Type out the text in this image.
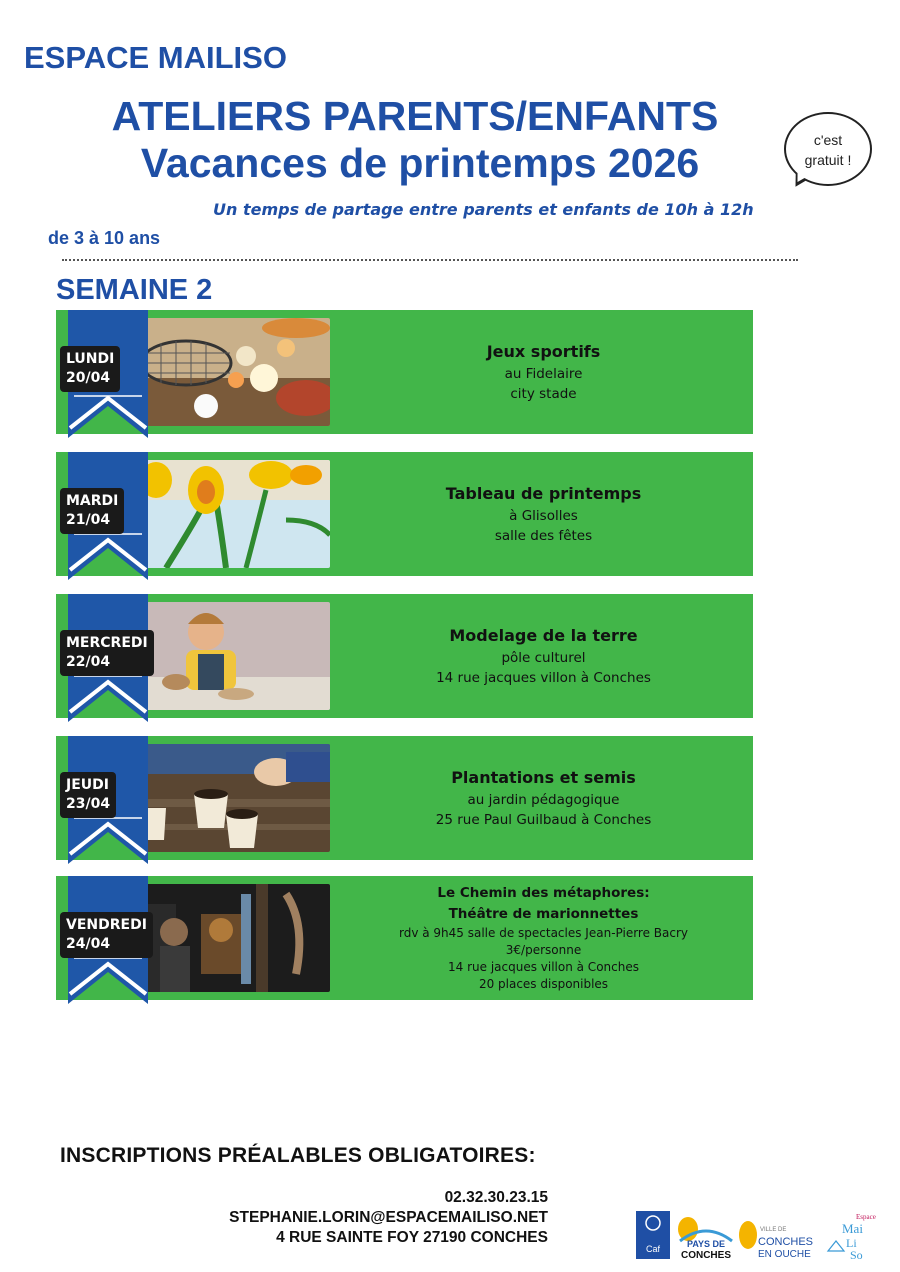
ESPACE MAILISO
ATELIERS PARENTS/ENFANTS
Vacances de printemps 2026	c'est
gratuit !
Un temps de partage entre parents et enfants de 10h à 12h
de 3 à 10 ans
SEMAINE 2
Jeux sportifs
au Fidelaire
city stade
LUNDI
20/04
Tableau de printemps
à Glisolles
salle des fêtes
MARDI
21/04
Modelage de la terre
pôle culturel
14 rue jacques villon à Conches
MERCREDI
22/04
Plantations et semis
au jardin pédagogique
25 rue Paul Guilbaud à Conches
JEUDI
23/04
Le Chemin des métaphores:
Théâtre de marionnettes
rdv à 9h45 salle de spectacles Jean-Pierre Bacry
3€/personne
14 rue jacques villon à Conches
20 places disponibles
VENDREDI
24/04
INSCRIPTIONS PRÉALABLES OBLIGATOIRES:
02.32.30.23.15
STEPHANIE.LORIN@ESPACEMAILISO.NET
4 RUE SAINTE FOY 27190 CONCHES
Caf	PAYS DE
CONCHES
VILLE DE
CONCHES
EN OUCHE
Espace
Mai
Li
So
